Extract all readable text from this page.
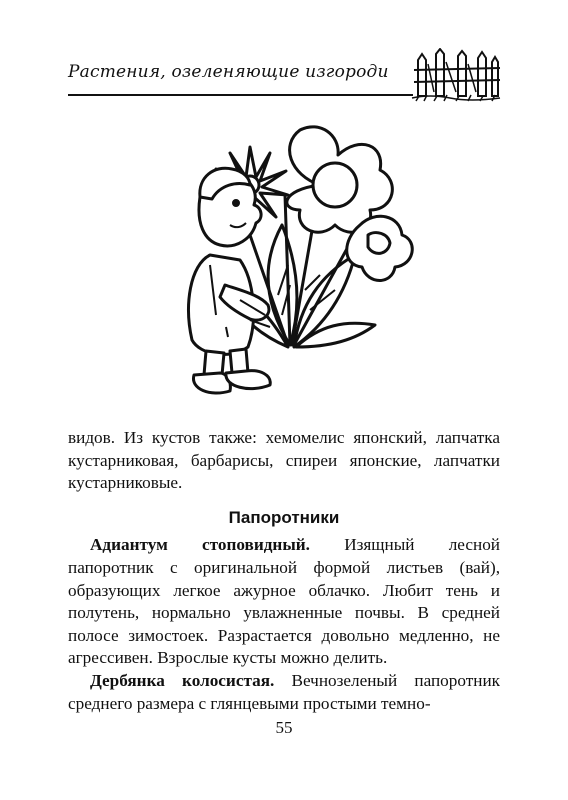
Растения, озеленяющие изгороди

видов. Из кустов также: хемомелис японский, лапчатка кустарниковая, барбарисы, спиреи японские, лапчатки кустарниковые.

Папоротники

Адиантум стоповидный. Изящный лесной папоротник с оригинальной формой листьев (вай), образующих легкое ажурное облачко. Любит тень и полутень, нормально увлажненные почвы. В средней полосе зимостоек. Разрастается довольно медленно, не агрессивен. Взрослые кусты можно делить.

Дербянка колосистая. Вечнозеленый папоротник среднего размера с глянцевыми простыми темно-

55
